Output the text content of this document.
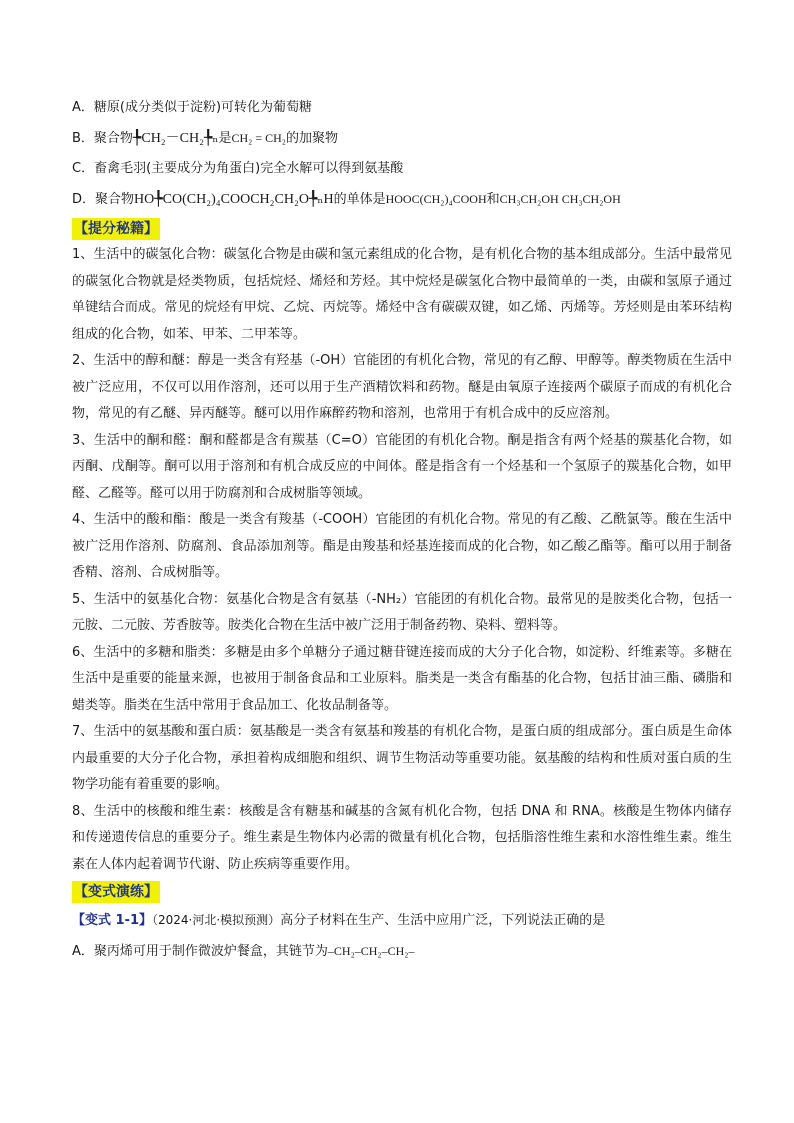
A．糖原(成分类似于淀粉)可转化为葡萄糖
B．聚合物╄CH₂－CH₂╄ₙ是CH₂ = CH₂的加聚物
C．畜禽毛羽(主要成分为角蛋白)完全水解可以得到氨基酸
D．聚合物HO╄CO(CH₂)₄COOCH₂CH₂O╄ₙH的单体是HOOC(CH₂)₄COOH和CH₃CH₂OH CH₃CH₂OH
【提分秘籍】

1、生活中的碳氢化合物：碳氢化合物是由碳和氢元素组成的化合物，是有机化合物的基本组成部分。生活中最常见的碳氢化合物就是烃类物质，包括烷烃、烯烃和芳烃。其中烷烃是碳氢化合物中最简单的一类，由碳和氢原子通过单键结合而成。常见的烷烃有甲烷、乙烷、丙烷等。烯烃中含有碳碳双键，如乙烯、丙烯等。芳烃则是由苯环结构组成的化合物，如苯、甲苯、二甲苯等。

2、生活中的醇和醚：醇是一类含有羟基（-OH）官能团的有机化合物，常见的有乙醇、甲醇等。醇类物质在生活中被广泛应用，不仅可以用作溶剂，还可以用于生产酒精饮料和药物。醚是由氧原子连接两个碳原子而成的有机化合物，常见的有乙醚、异丙醚等。醚可以用作麻醉药物和溶剂，也常用于有机合成中的反应溶剂。

3、生活中的酮和醛：酮和醛都是含有羰基（C=O）官能团的有机化合物。酮是指含有两个烃基的羰基化合物，如丙酮、戊酮等。酮可以用于溶剂和有机合成反应的中间体。醛是指含有一个烃基和一个氢原子的羰基化合物，如甲醛、乙醛等。醛可以用于防腐剂和合成树脂等领域。

4、生活中的酸和酯：酸是一类含有羧基（-COOH）官能团的有机化合物。常见的有乙酸、乙酰氯等。酸在生活中被广泛用作溶剂、防腐剂、食品添加剂等。酯是由羧基和烃基连接而成的化合物，如乙酸乙酯等。酯可以用于制备香精、溶剂、合成树脂等。

5、生活中的氨基化合物：氨基化合物是含有氨基（-NH₂）官能团的有机化合物。最常见的是胺类化合物，包括一元胺、二元胺、芳香胺等。胺类化合物在生活中被广泛用于制备药物、染料、塑料等。

6、生活中的多糖和脂类：多糖是由多个单糖分子通过糖苷键连接而成的大分子化合物，如淀粉、纤维素等。多糖在生活中是重要的能量来源，也被用于制备食品和工业原料。脂类是一类含有酯基的化合物，包括甘油三酯、磷脂和蜡类等。脂类在生活中常用于食品加工、化妆品制备等。

7、生活中的氨基酸和蛋白质：氨基酸是一类含有氨基和羧基的有机化合物，是蛋白质的组成部分。蛋白质是生命体内最重要的大分子化合物，承担着构成细胞和组织、调节生物活动等重要功能。氨基酸的结构和性质对蛋白质的生物学功能有着重要的影响。

8、生活中的核酸和维生素：核酸是含有糖基和碱基的含氮有机化合物，包括 DNA 和 RNA。核酸是生物体内储存和传递遗传信息的重要分子。维生素是生物体内必需的微量有机化合物，包括脂溶性维生素和水溶性维生素。维生素在人体内起着调节代谢、防止疾病等重要作用。

【变式演练】
【变式 1-1】（2024·河北·模拟预测）高分子材料在生产、生活中应用广泛，下列说法正确的是
A．聚丙烯可用于制作微波炉餐盒，其链节为–CH₂–CH₂–CH₂–
